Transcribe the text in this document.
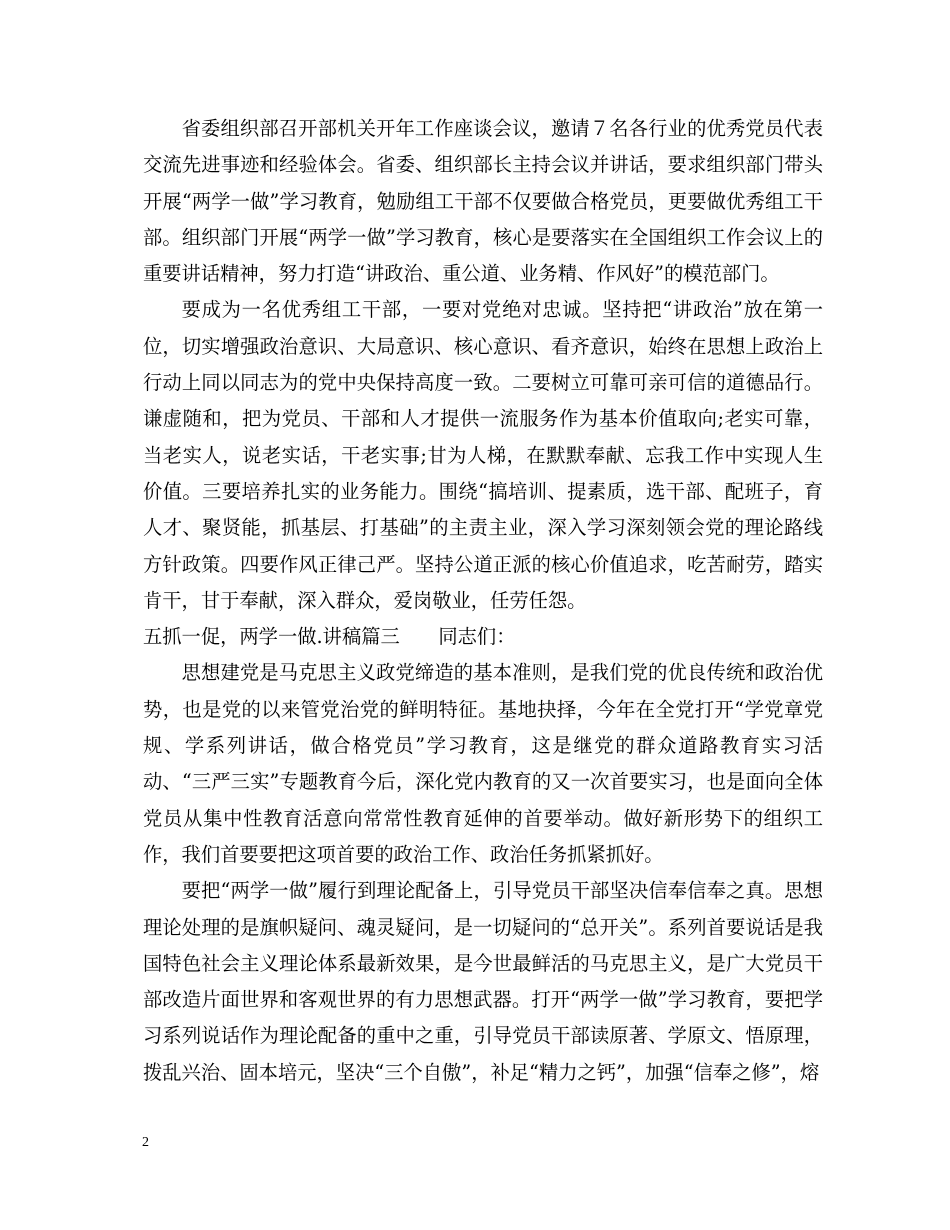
省委组织部召开部机关开年工作座谈会议，邀请７名各行业的优秀党员代表交流先进事迹和经验体会。省委、组织部长主持会议并讲话，要求组织部门带头开展“两学一做”学习教育，勉励组工干部不仅要做合格党员，更要做优秀组工干部。组织部门开展“两学一做”学习教育，核心是要落实在全国组织工作会议上的重要讲话精神，努力打造“讲政治、重公道、业务精、作风好”的模范部门。

要成为一名优秀组工干部，一要对党绝对忠诚。坚持把“讲政治”放在第一位，切实增强政治意识、大局意识、核心意识、看齐意识，始终在思想上政治上行动上同以同志为的党中央保持高度一致。二要树立可靠可亲可信的道德品行。谦虚随和，把为党员、干部和人才提供一流服务作为基本价值取向;老实可靠，当老实人，说老实话，干老实事;甘为人梯，在默默奉献、忘我工作中实现人生价值。三要培养扎实的业务能力。围绕“搞培训、提素质，选干部、配班子，育人才、聚贤能，抓基层、打基础”的主责主业，深入学习深刻领会党的理论路线方针政策。四要作风正律己严。坚持公道正派的核心价值追求，吃苦耐劳，踏实肯干，甘于奉献，深入群众，爱岗敬业，任劳任怨。

五抓一促，两学一做.讲稿篇三　　同志们：

思想建党是马克思主义政党缔造的基本准则，是我们党的优良传统和政治优势，也是党的以来管党治党的鲜明特征。基地抉择，今年在全党打开“学党章党规、学系列讲话，做合格党员”学习教育，这是继党的群众道路教育实习活动、“三严三实”专题教育今后，深化党内教育的又一次首要实习，也是面向全体党员从集中性教育活意向常常性教育延伸的首要举动。做好新形势下的组织工作，我们首要要把这项首要的政治工作、政治任务抓紧抓好。

要把“两学一做”履行到理论配备上，引导党员干部坚决信奉信奉之真。思想理论处理的是旗帜疑问、魂灵疑问，是一切疑问的“总开关”。系列首要说话是我国特色社会主义理论体系最新效果，是今世最鲜活的马克思主义，是广大党员干部改造片面世界和客观世界的有力思想武器。打开“两学一做”学习教育，要把学习系列说话作为理论配备的重中之重，引导党员干部读原著、学原文、悟原理，拨乱兴治、固本培元，坚决“三个自傲”，补足“精力之钙”，加强“信奉之修”，熔

2
